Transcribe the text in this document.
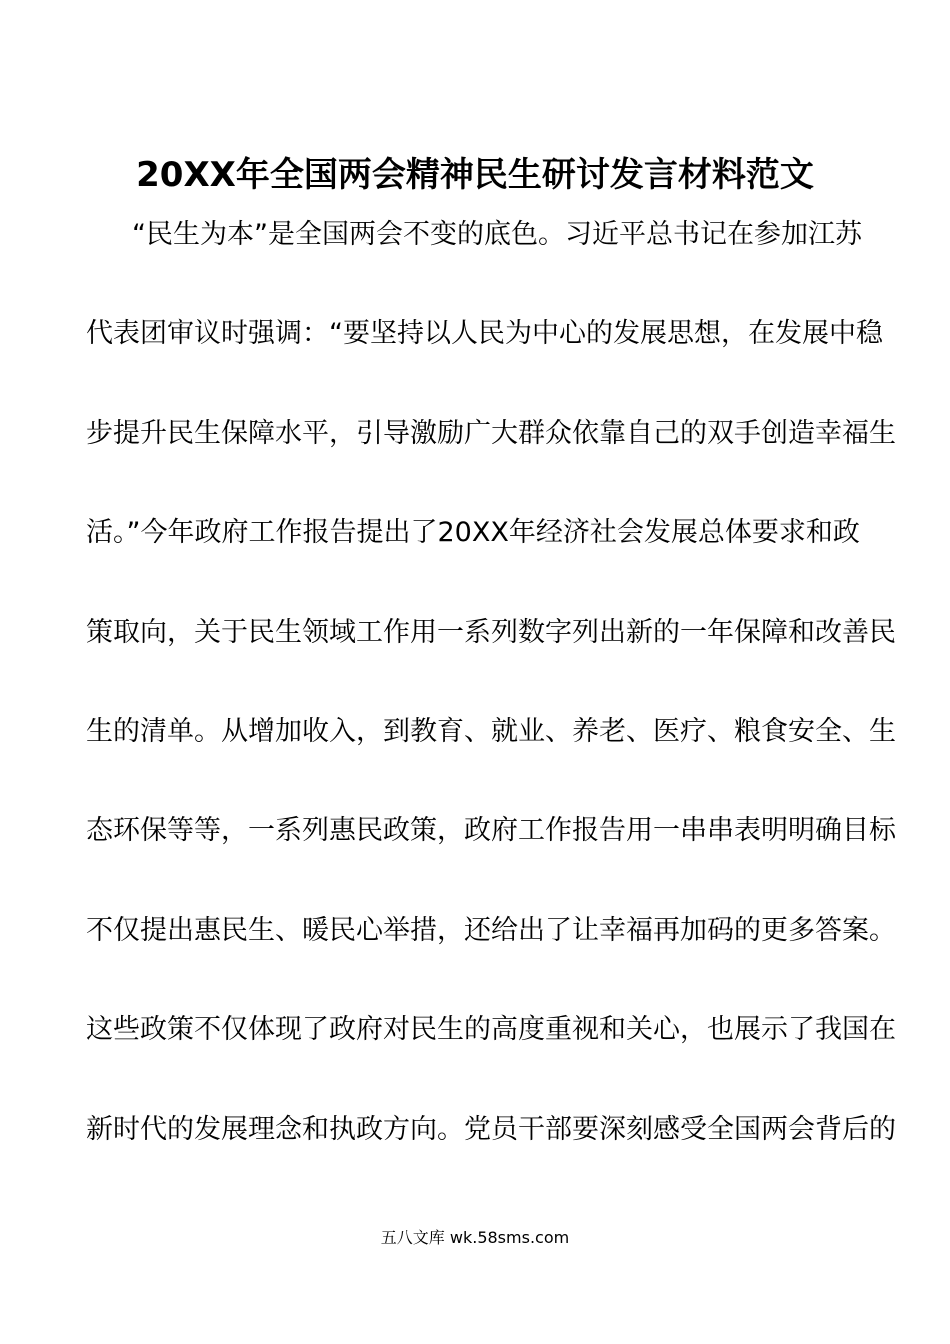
20XX年全国两会精神民生研讨发言材料范文
“民生为本”是全国两会不变的底色。习近平总书记在参加江苏
代表团审议时强调：“要坚持以人民为中心的发展思想，在发展中稳
步提升民生保障水平，引导激励广大群众依靠自己的双手创造幸福生
活。”今年政府工作报告提出了20XX年经济社会发展总体要求和政
策取向，关于民生领域工作用一系列数字列出新的一年保障和改善民
生的清单。从增加收入，到教育、就业、养老、医疗、粮食安全、生
态环保等等，一系列惠民政策，政府工作报告用一串串表明明确目标
不仅提出惠民生、暖民心举措，还给出了让幸福再加码的更多答案。
这些政策不仅体现了政府对民生的高度重视和关心，也展示了我国在
新时代的发展理念和执政方向。党员干部要深刻感受全国两会背后的
五八文库 wk.58sms.com
